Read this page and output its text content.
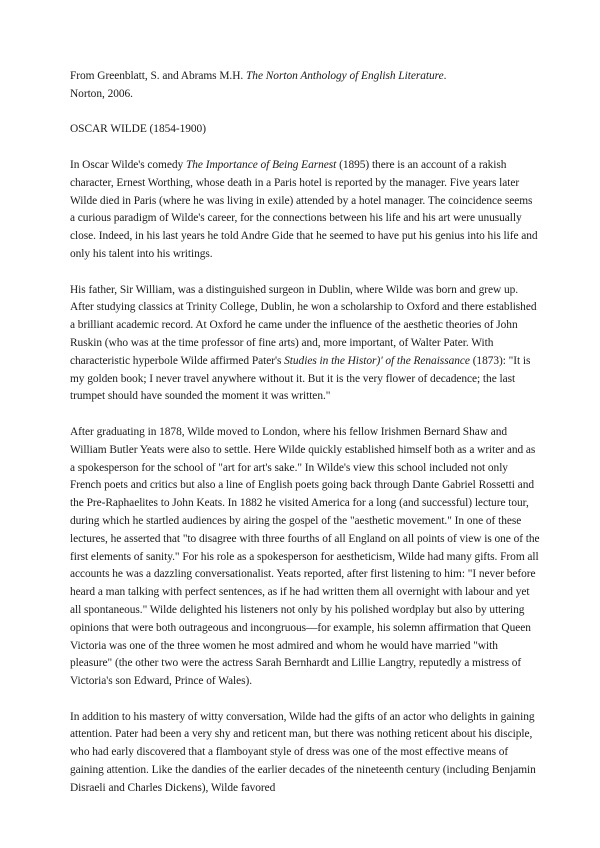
From Greenblatt, S. and Abrams M.H. The Norton Anthology of English Literature.
Norton, 2006.

OSCAR WILDE (1854-1900)

In Oscar Wilde's comedy The Importance of Being Earnest (1895) there is an account of a rakish character, Ernest Worthing, whose death in a Paris hotel is reported by the manager. Five years later Wilde died in Paris (where he was living in exile) attended by a hotel manager. The coincidence seems a curious paradigm of Wilde's career, for the connections between his life and his art were unusually close. Indeed, in his last years he told Andre Gide that he seemed to have put his genius into his life and only his talent into his writings.

His father, Sir William, was a distinguished surgeon in Dublin, where Wilde was born and grew up. After studying classics at Trinity College, Dublin, he won a scholarship to Oxford and there established a brilliant academic record. At Oxford he came under the influence of the aesthetic theories of John Ruskin (who was at the time professor of fine arts) and, more important, of Walter Pater. With characteristic hyperbole Wilde affirmed Pater's Studies in the Histor)' of the Renaissance (1873): "It is my golden book; I never travel anywhere without it. But it is the very flower of decadence; the last trumpet should have sounded the moment it was written."

After graduating in 1878, Wilde moved to London, where his fellow Irishmen Bernard Shaw and William Butler Yeats were also to settle. Here Wilde quickly established himself both as a writer and as a spokesperson for the school of "art for art's sake." In Wilde's view this school included not only French poets and critics but also a line of English poets going back through Dante Gabriel Rossetti and the Pre-Raphaelites to John Keats. In 1882 he visited America for a long (and successful) lecture tour, during which he startled audiences by airing the gospel of the "aesthetic movement." In one of these lectures, he asserted that "to disagree with three fourths of all England on all points of view is one of the first elements of sanity." For his role as a spokesperson for aestheticism, Wilde had many gifts. From all accounts he was a dazzling conversationalist. Yeats reported, after first listening to him: "I never before heard a man talking with perfect sentences, as if he had written them all overnight with labour and yet all spontaneous." Wilde delighted his listeners not only by his polished wordplay but also by uttering opinions that were both outrageous and incongruous—for example, his solemn affirmation that Queen Victoria was one of the three women he most admired and whom he would have married "with pleasure" (the other two were the actress Sarah Bernhardt and Lillie Langtry, reputedly a mistress of Victoria's son Edward, Prince of Wales).

In addition to his mastery of witty conversation, Wilde had the gifts of an actor who delights in gaining attention. Pater had been a very shy and reticent man, but there was nothing reticent about his disciple, who had early discovered that a flamboyant style of dress was one of the most effective means of gaining attention. Like the dandies of the earlier decades of the nineteenth century (including Benjamin Disraeli and Charles Dickens), Wilde favored
